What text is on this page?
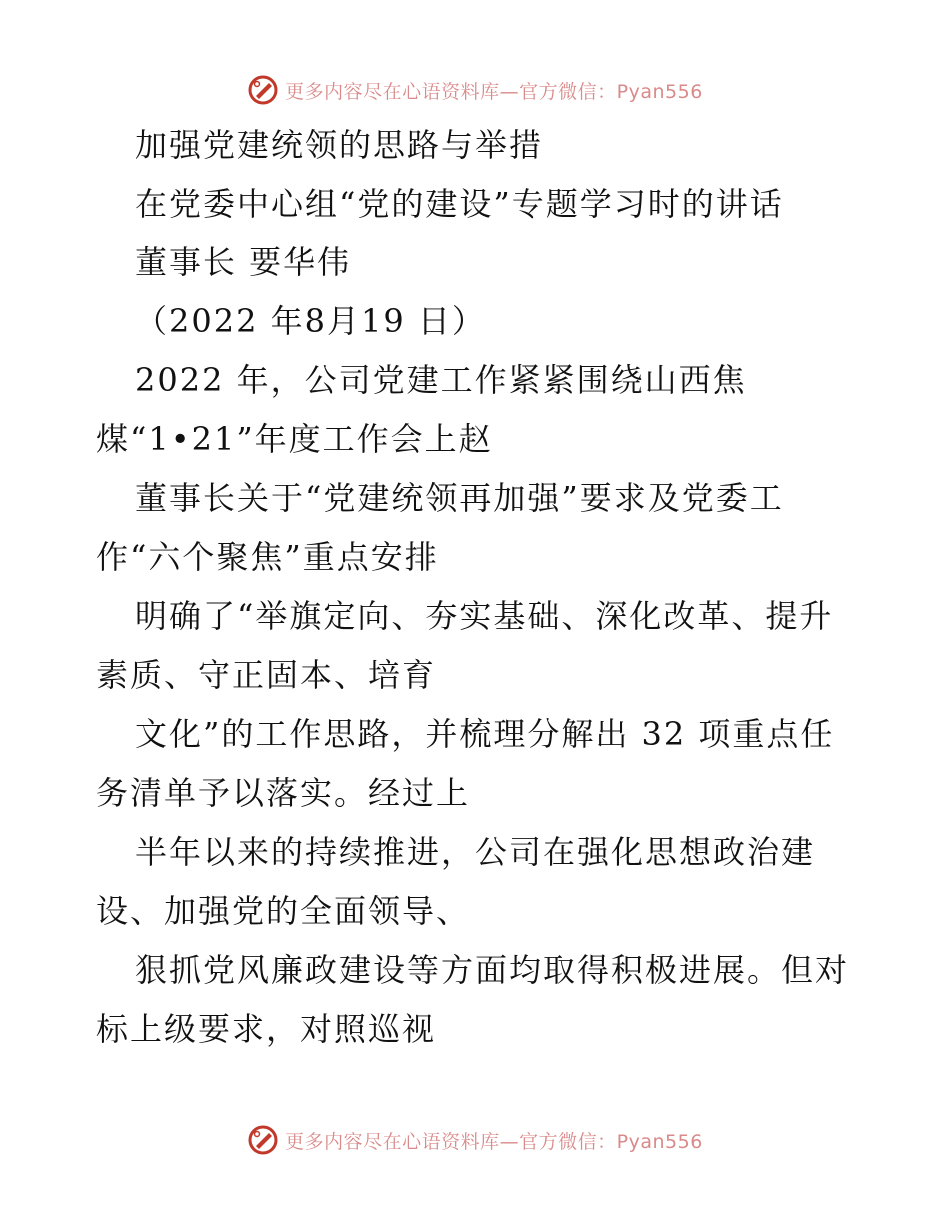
更多内容尽在心语资料库—官方微信：Pyan556
加强党建统领的思路与举措
在党委中心组“党的建设”专题学习时的讲话
董事长 要华伟
（2022 年8月19 日）
2022 年，公司党建工作紧紧围绕山西焦
煤“1•21”年度工作会上赵
董事长关于“党建统领再加强”要求及党委工
作“六个聚焦”重点安排
明确了“举旗定向、夯实基础、深化改革、提升
素质、守正固本、培育
文化”的工作思路，并梳理分解出 32 项重点任
务清单予以落实。经过上
半年以来的持续推进，公司在强化思想政治建
设、加强党的全面领导、
狠抓党风廉政建设等方面均取得积极进展。但对
标上级要求，对照巡视
更多内容尽在心语资料库—官方微信：Pyan556
